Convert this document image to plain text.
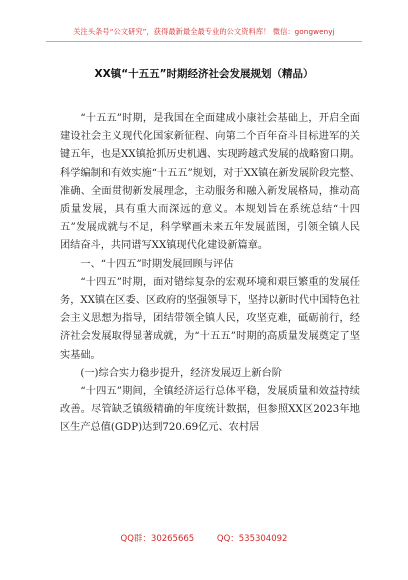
关注头条号“公文研究”，获得最新最全最专业的公文资料库！ 微信：gongwenyj
XX镇“十五五”时期经济社会发展规划（精品）

“十五五”时期，是我国在全面建成小康社会基础上，开启全面建设社会主义现代化国家新征程、向第二个百年奋斗目标进军的关键五年，也是XX镇抢抓历史机遇、实现跨越式发展的战略窗口期。科学编制和有效实施“十五五”规划，对于XX镇在新发展阶段完整、准确、全面贯彻新发展理念，主动服务和融入新发展格局，推动高质量发展，具有重大而深远的意义。本规划旨在系统总结“十四五”发展成就与不足，科学擘画未来五年发展蓝图，引领全镇人民团结奋斗，共同谱写XX镇现代化建设新篇章。

一、“十四五”时期发展回顾与评估

“十四五”时期，面对错综复杂的宏观环境和艰巨繁重的发展任务，XX镇在区委、区政府的坚强领导下，坚持以新时代中国特色社会主义思想为指导，团结带领全镇人民，攻坚克难，砥砺前行，经济社会发展取得显著成就，为“十五五”时期的高质量发展奠定了坚实基础。

(一)综合实力稳步提升，经济发展迈上新台阶

“十四五”期间，全镇经济运行总体平稳，发展质量和效益持续改善。尽管缺乏镇级精确的年度统计数据，但参照XX区2023年地区生产总值(GDP)达到720.69亿元、农村居

QQ群：30265665	QQ：535304092
